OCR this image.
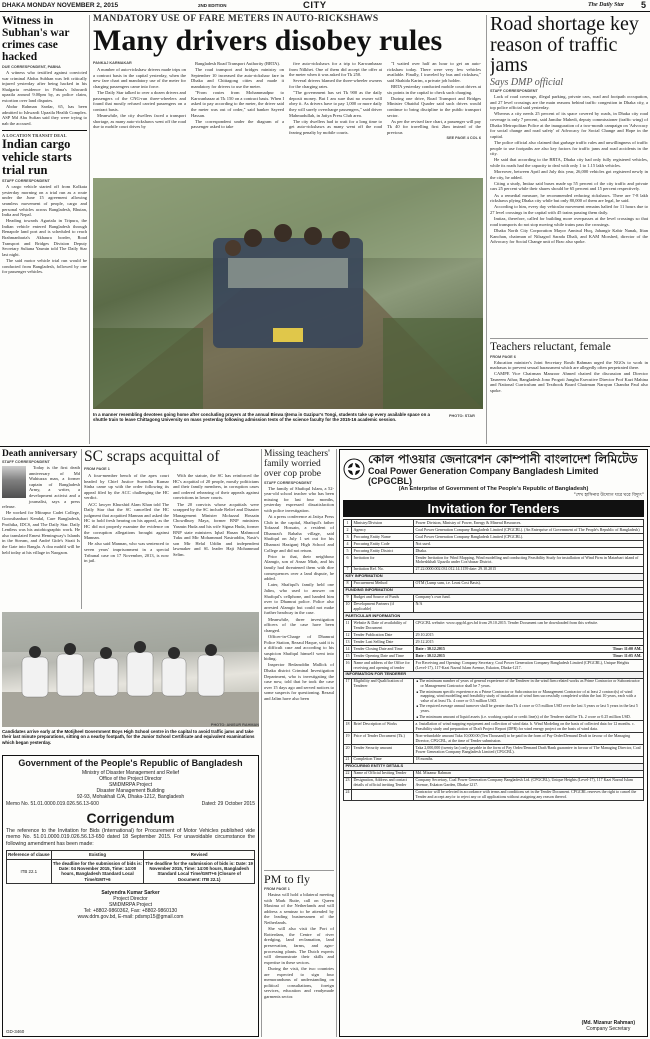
DHAKA MONDAY NOVEMBER 2, 2015	2ND EDITION	CITY	The Daily Star 5
Witness in Subhan's war crimes case hacked
DUE CORRESPONDENT, PABNA

A witness who testified against convicted war criminal Abdus Subhan was left critically injured yesterday after being hacked in his Shalgaria residence in Pabna's Ishwardi upazila around 9.00pm by, as police claim, extortion over land disputes.

Abdur Rahman Sardar, 65, has been admitted to Ishwardi Upazila Health Complex. ASP Md Abu Sufian said they were trying to nab the accused.

A LOCATION TRANSIT DEAL
Indian cargo vehicle starts trial run
STAFF CORRESPONDENT

A cargo vehicle started off from Kolkata yesterday morning on a trial run as a route under the June 15 agreement allowing seamless movement of people, cargo and personal vehicles across Bangladesh, Bhutan, India and Nepal.

Heading towards Agartala in Tripura, the Indian vehicle entered Bangladesh through Benapole land port and is scheduled to reach Brahmanbaria's Akhaura border, Road Transport and Bridges Division Deputy Secretary Sultana Yasmin told The Daily Star last night.

The said motor vehicle trial run would be conducted from Bangladesh, followed by one for passenger vehicles.

MANDATORY USE OF FARE METERS IN AUTO-RICKSHAWS
Many drivers disobey rules
PANKAJ KARMAKAR

A number of auto-rickshaw drivers made trips on a contract basis in the capital yesterday, when the new fare chart and mandatory use of the meter for charging passengers came into force.

The Daily Star talked to over a dozen drivers and passengers of the CNG-run three-wheelers and found that mostly refused carried passengers on a contract basis.

Meanwhile, the city dwellers faced a transport shortage, as many auto-rickshaws went off the road due to mobile court drives by

Bangladesh Road Transport Authority (BRTA).

The road transport and bridges ministry on September 10 increased the auto-rickshaw fare in Dhaka and Chittagong cities and made it mandatory for drivers to use the meter.

"From routes from Mohammadpur to Karwanbazar at Tk 150 on a contract basis. When I asked to pay according to the meter, the driver said the meter was out of order," said banker Sayeed Hassan.

The correspondent under the diagram of a passenger asked to take

five auto-rickshaws for a trip to Karwanbazar from Nilkhet. One of them did accept the offer at the meter when it was asked for Tk 250.

Several drivers blamed the three-wheeler owners for the charging rates.

"The government has set Tk 900 as the daily deposit money. But I am sure that no owner will obey it. As drivers have to pay 1,000 or more daily they will surely overcharge passengers," said driver Mahmudullah, in Jatiya Press Club area.

The city dwellers had to wait for a long time to get auto-rickshaws as many went off the road fearing penalty by mobile courts.

"I waited over half an hour to get an auto-rickshaw today. There were very few vehicles available. Finally, I traveled by bus and rickshaw," said Shahida Karim, a private job holder.

BRTA yesterday conducted mobile court drives at six points in the capital to check such charging.

During one drive, Road Transport and Bridges Minister Obaidul Quader said such drives would continue to bring discipline to the public transport sector.

As per the revised fare chart, a passenger will pay Tk 40 for travelling first 2km instead of the previous

SEE PAGE 4 COL 6
In a manner resembling devotees going home after concluding prayers at the annual Biswa Ijtema in Gazipur's Tongi, students take up every available space on a shuttle train to leave Chittagong University on mass yesterday following admission tests of the science faculty for the 2015-16 academic session.
PHOTO: STAR
Road shortage key reason of traffic jams
Says DMP official
STAFF CORRESPONDENT

Lack of road coverage, illegal parking, private cars, road and footpath occupation, and 27 level crossings are the main reasons behind traffic congestion in Dhaka city, a top police official said yesterday.

Whereas a city needs 25 percent of its space covered by roads, in Dhaka city road coverage is only 7 percent, said Jamilur Mahedi, deputy commissioner (traffic wing) of Dhaka Metropolitan Police at the inauguration of a two-month campaign on 'Advocacy for social change and road safety' of Advocacy for Social Change and Hope in the capital.

The police official also claimed that garbage traffic rules and unwillingness of traffic people to use footpaths are also key factors for traffic jams and road accidents in the city.

He said that according to the BRTA, Dhaka city had only fully registered vehicles, while its roads had the capacity to deal with only 1 to 1.15 lakh vehicles.

Moreover, between April and July this year, 26,000 vehicles got registered newly in the city, he added.

Citing a study, Imtiaz said buses made up 55 percent of the city traffic and private cars 25 percent while their shares should be 65 percent and 15 percent respectively.

As a remedial measure, he recommended reducing rickshaws. There are 7-8 lakh rickshaws plying Dhaka city while but only 80,000 of them are legal, he said.

According to him, every day vehicular movement remains halted for 11 hours due to 27 level crossings in the capital with 45 trains passing them daily.

Imtiaz, therefore, called for building more overpasses at the level crossings so that road transports do not stop moving while trains pass the crossings.

Dhaka North City Corporation Mayor Annisul Huq, Jahangir Kabir Nanak, Iftan Kanchan, chairman of Nilsagrol Sarada Dhali, and KAM Morshed, director of the Advocacy for Social Change unit of Brac also spoke.

Teachers reluctant, female
FROM PAGE 6

Education minister's Joint Secretary Rosib Rahman urged the NGOs to work in madrasas to prevent sexual harassment which are allegedly often perpetrated there.

CAMPE Vice Chairman Manzoor Ahmed chaired the discussion and Director Tasneem Athar, Bangladesh Jono Progoti Jungha Executive Director Prof Kazi Mahina and National Curriculum and Textbook Board Chairman Narayan Chandra Paul also spoke.

Death anniversary
STAFF CORRESPONDENT

Today is the first death anniversary of Md Wahiuzza man, a former captain of Bangladesh Army, a writer, a development activist and a journalist, says a press release.

He worked for Mitrapur Cadet College, Gorosthanbari Kendal, Care Bangladesh, Prothika, IDCS, and The Daily Star. Daily Lentless was his autobiographic work. He also translated Emest Hemingway's Islands in the Stream, and André Gide's Strait Is the Gate into Bangla. A doa mahfil will be held today at his village in Naogaon.

SC scraps acquittal of
FROM PAGE 1

A four-member bench of the apex court headed by Chief Justice Surendra Kumar Sinha came up with the order following its appeal filed by the ACC challenging the HC verdict.

ACC lawyer Khurshid Alam Khan told The Daily Star that the SC cancelled the HC judgment that acquitted Mannan and asked the HC to hold fresh hearing on his appeal, as the HC did not properly examine the evidence on the corruption allegations brought against Mannan.

He also said Mannan, who was sentenced to seven years' imprisonment in a special Tribunal case on 17 November, 2013, is now in jail.

With the statute, the SC has reinforced the HC's acquittal of 20 people, mostly politicians and their family members, in corruption cases and ordered rehearing of their appeals against convictions in lower courts.

The 20 convicts whose acquittals were scrapped by the SC include Relief and Disaster Management Minister Mofazzal Hossain Chowdhury Maya, former BNP ministers Yasmin Huda and his wife Sigma Huda, former BNP state ministers Iqbal Hasan Mahmood Tuku and Mir Mohammad Nasiruddin, Nasir's son Mir Helal Uddin and independent lawmaker and SL leader Haji Mohammad Selim.

Candidates arrive early at the Motijheel Government Boys High School centre in the capital to avoid traffic jams and take their last minute preparations, sitting on a nearby footpath, for the Junior School Certificate and equivalent examinations which began yesterday.
PHOTO: ANISUR RAHMAN
Government of the People's Republic of Bangladesh
Ministry of Disaster Management and Relief
Office of the Project Director
SMiDMRPA Project
Disaster Management Building
92-93, Mohakhali C/A, Dhaka-1212, Bangladesh
Memo No. 51.01.0000.019.026.56.13-600	Dated: 29 October 2015
Corrigendum
The reference to the Invitation for Bids (International) for Procurement of Motor Vehicles published vide memo No. 51.01.0000.019.026.56.13-650 dated 18 September 2015. For unavoidable circumstance the following amendment has been made:
Reference of clause	Existing	Revised
ITB 22.1	The deadline for the submission of bids is: Date: 04 November 2015, Time: 14:00 hours, Bangladesh Standard Local Time/GMT+6	The deadline for the submission of bids is: Date: 19 November 2015, Time: 14:00 hours, Bangladesh Standard Local Time/GMT+6 (Closure of Document: ITB 22.1)
Satyendra Kumar Sarker
Project Director
SMiDMRPA Project
Tel: +8802-9860362, Fax: +8802-9860130
www.ddm.gov.bd, E-mail: pdsmp15@gmail.com
GD-3460
Missing teachers' family worried over cop probe
STAFF CORRESPONDENT

The family of Shafiqul Islam, a 52-year-old school teacher who has been missing for last four months, yesterday expressed dissatisfaction with police investigation.

At a press conference at Jatiya Press Club in the capital, Shafiqul's father Tofazzal Hossain, a resident of Dhamrai's Rabaha village, said Shafiqul on July 1 set out for his Dhamrai Haziganj High School and College and did not return.

Prior to that, their neighbour Alamgir, son of Ansar Miah, and his family had threatened them with dire consequences over a land dispute, he added.

Later, Shafiqul's family held one Jalim, who used to answer on Shafiqul's cellphone, and handed him over to Dhamrai police. Police also arrested Alamgir but could not make further headway in the case.

Meanwhile, three investigation officers of the case have been changed.

Officer-in-Charge of Dhamrai Police Station, Rezaul Haque, said it is a difficult case and according to his suspicion Shafiqul himself went into hiding.

Inspector Bedaruddin Mallick of Dhaka district Criminal Investigation Department, who is investigating the case now, told that he took the case over 15 days ago and served notices to some suspects for questioning. Rezaul and Jalim have also been

PM to fly
FROM PAGE 1

Hasina will hold a bilateral meeting with Mark Rutte, call on Queen Maxima of the Netherlands and will address a seminar to be attended by the leading businessmen of the Netherlands.

She will also visit the Port of Rotterdam, the Centre of river dredging, land reclamation, land preservation, farms, and agro-processing plants. The Dutch experts will demonstrate their skills and expertise in these sectors.

During the visit, the two countries are expected to sign four memorandums of understanding on political consultations, foreign services, education and readymade garments sector.

কোল পাওয়ার জেনারেশন কোম্পানী বাংলাদেশ লিমিটেড
Coal Power Generation Company Bangladesh Limited (CPGCBL)
(An Enterprise of Government of The People's Republic of Bangladesh)
"শেখ হাসিনার উদ্যোগ ঘরে ঘরে বিদ্যুৎ"
Invitation for Tenders
1	Ministry/Division	Power Division, Ministry of Power, Energy & Mineral Resources.
2	Agency	Coal Power Generation Company Bangladesh Limited (CPGCBL). (An Enterprise of Government of The People's Republic of Bangladesh)
3	Procuring Entity Name	Coal Power Generation Company Bangladesh Limited (CPGCBL).
4	Procuring Entity Code	Not used.
5	Procuring Entity District	Dhaka.
6	Invitation for	Tender Invitation for Wind Mapping, Wind modelling and conducting Feasibility Study for installation of Wind Firm in Matarbari island of Moheshkhali Upazila under Cox'sbazar District.
7	Invitation Ref. No.	27.22.0000.002.031.012.14.1159 date: 29.10.2015
KEY INFORMATION		
8	Procurement Method	OTM (Lump sum, i.e. Least Cost Basis).
FUNDING INFORMATION		
9	Budget and Source of Funds	Company's own fund.
10	Development Partners (if applicable)	N/A
PARTICULAR INFORMATION		
11	Website & Date of availability of Tender Document	CPGCBL website: www.cpgcbl.gov.bd from 29.10.2015. Tender Document can be downloaded from this website.
12	Tender Publication Date	29.10.2015
13	Tender Last Selling Date	29.12.2015
14	Tender Closing Date and Time	Date : 30.12.2015 Time: 11:00 AM.

15	Tender Opening Date and Time	Date : 30.12.2015 Time: 11:05 AM.

16	Name and address of the Office for receiving and opening of tender	For Receiving and Opening: Company Secretary, Coal Power Generation Company Bangladesh Limited (CPGCBL), Unique Heights (Level-17), 117-Kazi Nazrul Islam Avenue, Eskaton, Dhaka-1217.
INFORMATION FOR TENDERER		
17	Eligibility and Qualification of Tenderer	■ The minimum number of years of general experience of the Tenderer in the wind firm related works as Prime Contractor or Subcontractor or Management Contractor shall be 7 years.
■ The minimum specific experience as a Prime Contractor or Subcontractor or Management Contractor of at least 2 contract(s) of wind mapping, wind modelling and feasibility study of installation of wind firm successfully completed within the last 10 years, each with a value of at least Tk. 4 crore or 0.5 million USD.
■ The required average annual turnover shall be greater than Tk 4 crore or 0.5 million USD over the last 3 years or last 5 years in the last 5 years.
■ The minimum amount of liquid assets (i.e. working capital or credit line(s) of the Tenderer shall be Tk. 2 crore or 0.25 million USD.

18	Brief Description of Works	a. Installation of wind mapping equipment and collection of wind data. b. Wind Modeling on the basis of collected data for 12 months. c. Feasibility study and preparation of Draft Project Report (DPR) for wind energy project on the basis of wind data.
19	Price of Tender Document (Tk.)	Non-refundable amount Taka 10,000.00 (Ten Thousand) to be paid in the form of Pay Order/Demand Draft in favour of the Managing Director, CPGCBL, at the time of Tender submission.
20	Tender Security amount	Taka 2,000,000 (twenty lac) only payable in the form of Pay Order/Demand Draft/Bank guarantee in favour of The Managing Director, Coal Power Generation Company Bangladesh Limited (CPGCBL).
21	Completion Time	18 months.
PROCURING ENTITY DETAILS		
22	Name of Official Inviting Tender	Md. Mizanur Rahman
23	Designation, Address and contact details of official inviting Tender	Company Secretary, Coal Power Generation Company Bangladesh Ltd. (CPGCBL), Unique Heights (Level-17), 117 Kazi Nazrul Islam Avenue, Eskaton Garden, Dhaka-1217.
24		Contractor will be selected in accordance with terms and conditions set in the Tender Document. CPGCBL reserves the right to cancel the Tender and accept any/or to reject any or all applications without assigning any reason thereof.
(Md. Mizanur Rahman)
Company Secretary
